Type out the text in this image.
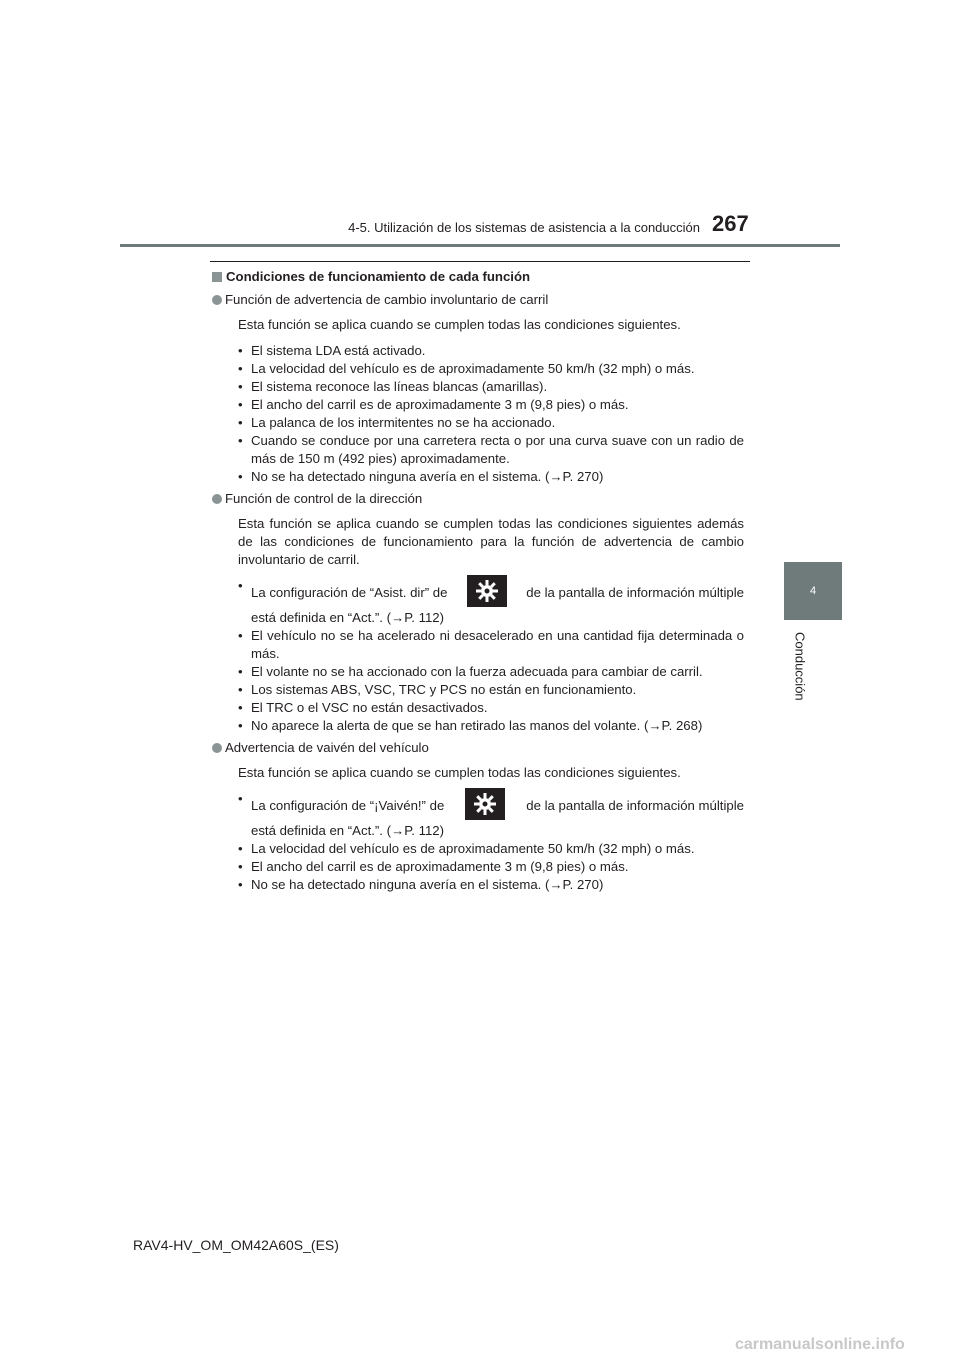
4-5. Utilización de los sistemas de asistencia a la conducción 267
4
Conducción
Condiciones de funcionamiento de cada función
Función de advertencia de cambio involuntario de carril

Esta función se aplica cuando se cumplen todas las condiciones siguientes.

• El sistema LDA está activado.
• La velocidad del vehículo es de aproximadamente 50 km/h (32 mph) o más.
• El sistema reconoce las líneas blancas (amarillas).
• El ancho del carril es de aproximadamente 3 m (9,8 pies) o más.
• La palanca de los intermitentes no se ha accionado.
• Cuando se conduce por una carretera recta o por una curva suave con un radio de más de 150 m (492 pies) aproximadamente.
• No se ha detectado ninguna avería en el sistema. (→P. 270)
Función de control de la dirección

Esta función se aplica cuando se cumplen todas las condiciones siguientes además de las condiciones de funcionamiento para la función de advertencia de cambio involuntario de carril.

• La configuración de “Asist. dir” de	de la pantalla de información múltiple
está definida en “Act.”. (→P. 112)
• El vehículo no se ha acelerado ni desacelerado en una cantidad fija determinada o más.
• El volante no se ha accionado con la fuerza adecuada para cambiar de carril.
• Los sistemas ABS, VSC, TRC y PCS no están en funcionamiento.
• El TRC o el VSC no están desactivados.
• No aparece la alerta de que se han retirado las manos del volante. (→P. 268)
Advertencia de vaivén del vehículo

Esta función se aplica cuando se cumplen todas las condiciones siguientes.

• La configuración de “¡Vaivén!” de	de la pantalla de información múltiple
está definida en “Act.”. (→P. 112)
• La velocidad del vehículo es de aproximadamente 50 km/h (32 mph) o más.
• El ancho del carril es de aproximadamente 3 m (9,8 pies) o más.
• No se ha detectado ninguna avería en el sistema. (→P. 270)
RAV4-HV_OM_OM42A60S_(ES)
carmanualsonline.info
